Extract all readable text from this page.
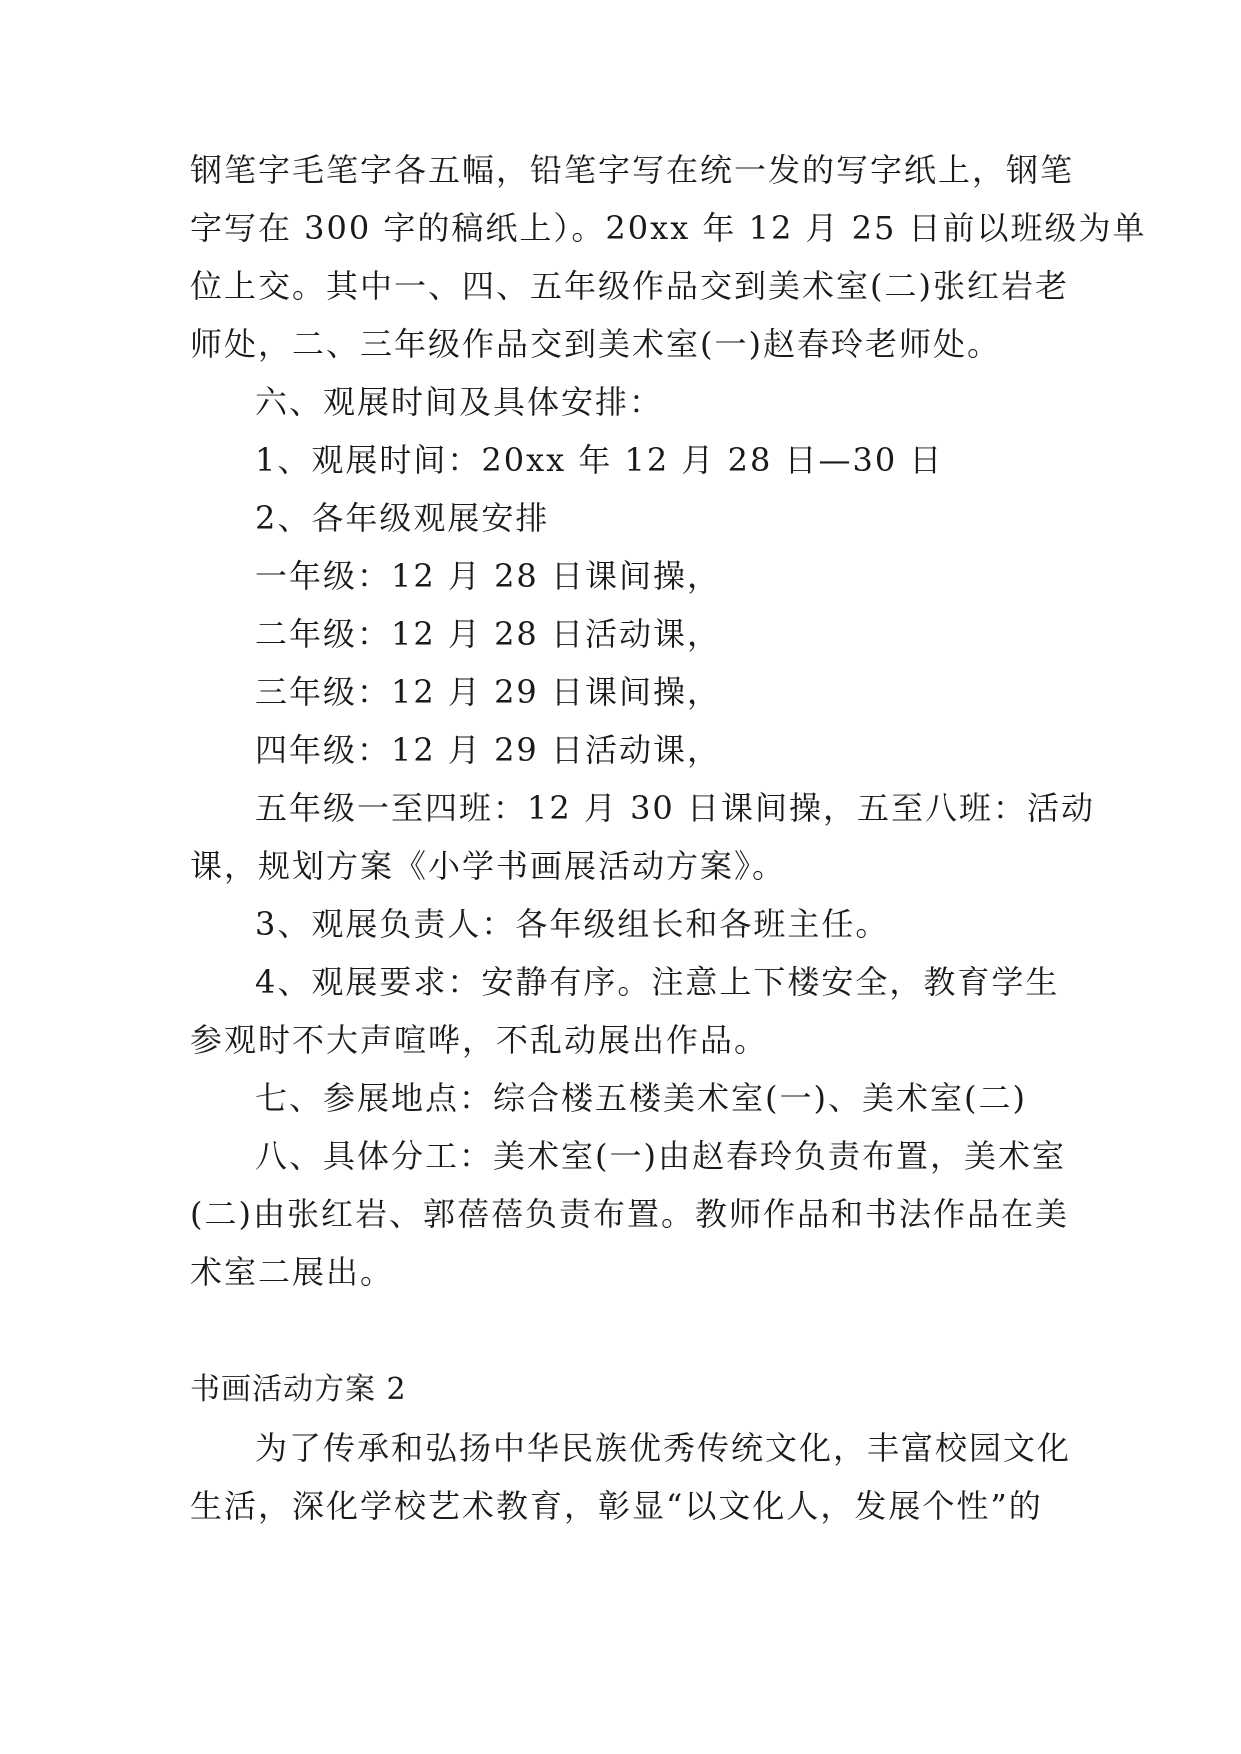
钢笔字毛笔字各五幅，铅笔字写在统一发的写字纸上，钢笔
字写在 300 字的稿纸上）。20xx 年 12 月 25 日前以班级为单
位上交。其中一、四、五年级作品交到美术室(二)张红岩老
师处，二、三年级作品交到美术室(一)赵春玲老师处。
六、观展时间及具体安排：
1、观展时间：20xx 年 12 月 28 日—30 日
2、各年级观展安排
一年级：12 月 28 日课间操，
二年级：12 月 28 日活动课，
三年级：12 月 29 日课间操，
四年级：12 月 29 日活动课，
五年级一至四班：12 月 30 日课间操，五至八班：活动
课，规划方案《小学书画展活动方案》。
3、观展负责人：各年级组长和各班主任。
4、观展要求：安静有序。注意上下楼安全，教育学生
参观时不大声喧哗，不乱动展出作品。
七、参展地点：综合楼五楼美术室(一)、美术室(二)
八、具体分工：美术室(一)由赵春玲负责布置，美术室
(二)由张红岩、郭蓓蓓负责布置。教师作品和书法作品在美
术室二展出。
书画活动方案 2
为了传承和弘扬中华民族优秀传统文化，丰富校园文化
生活，深化学校艺术教育，彰显“以文化人，发展个性”的
